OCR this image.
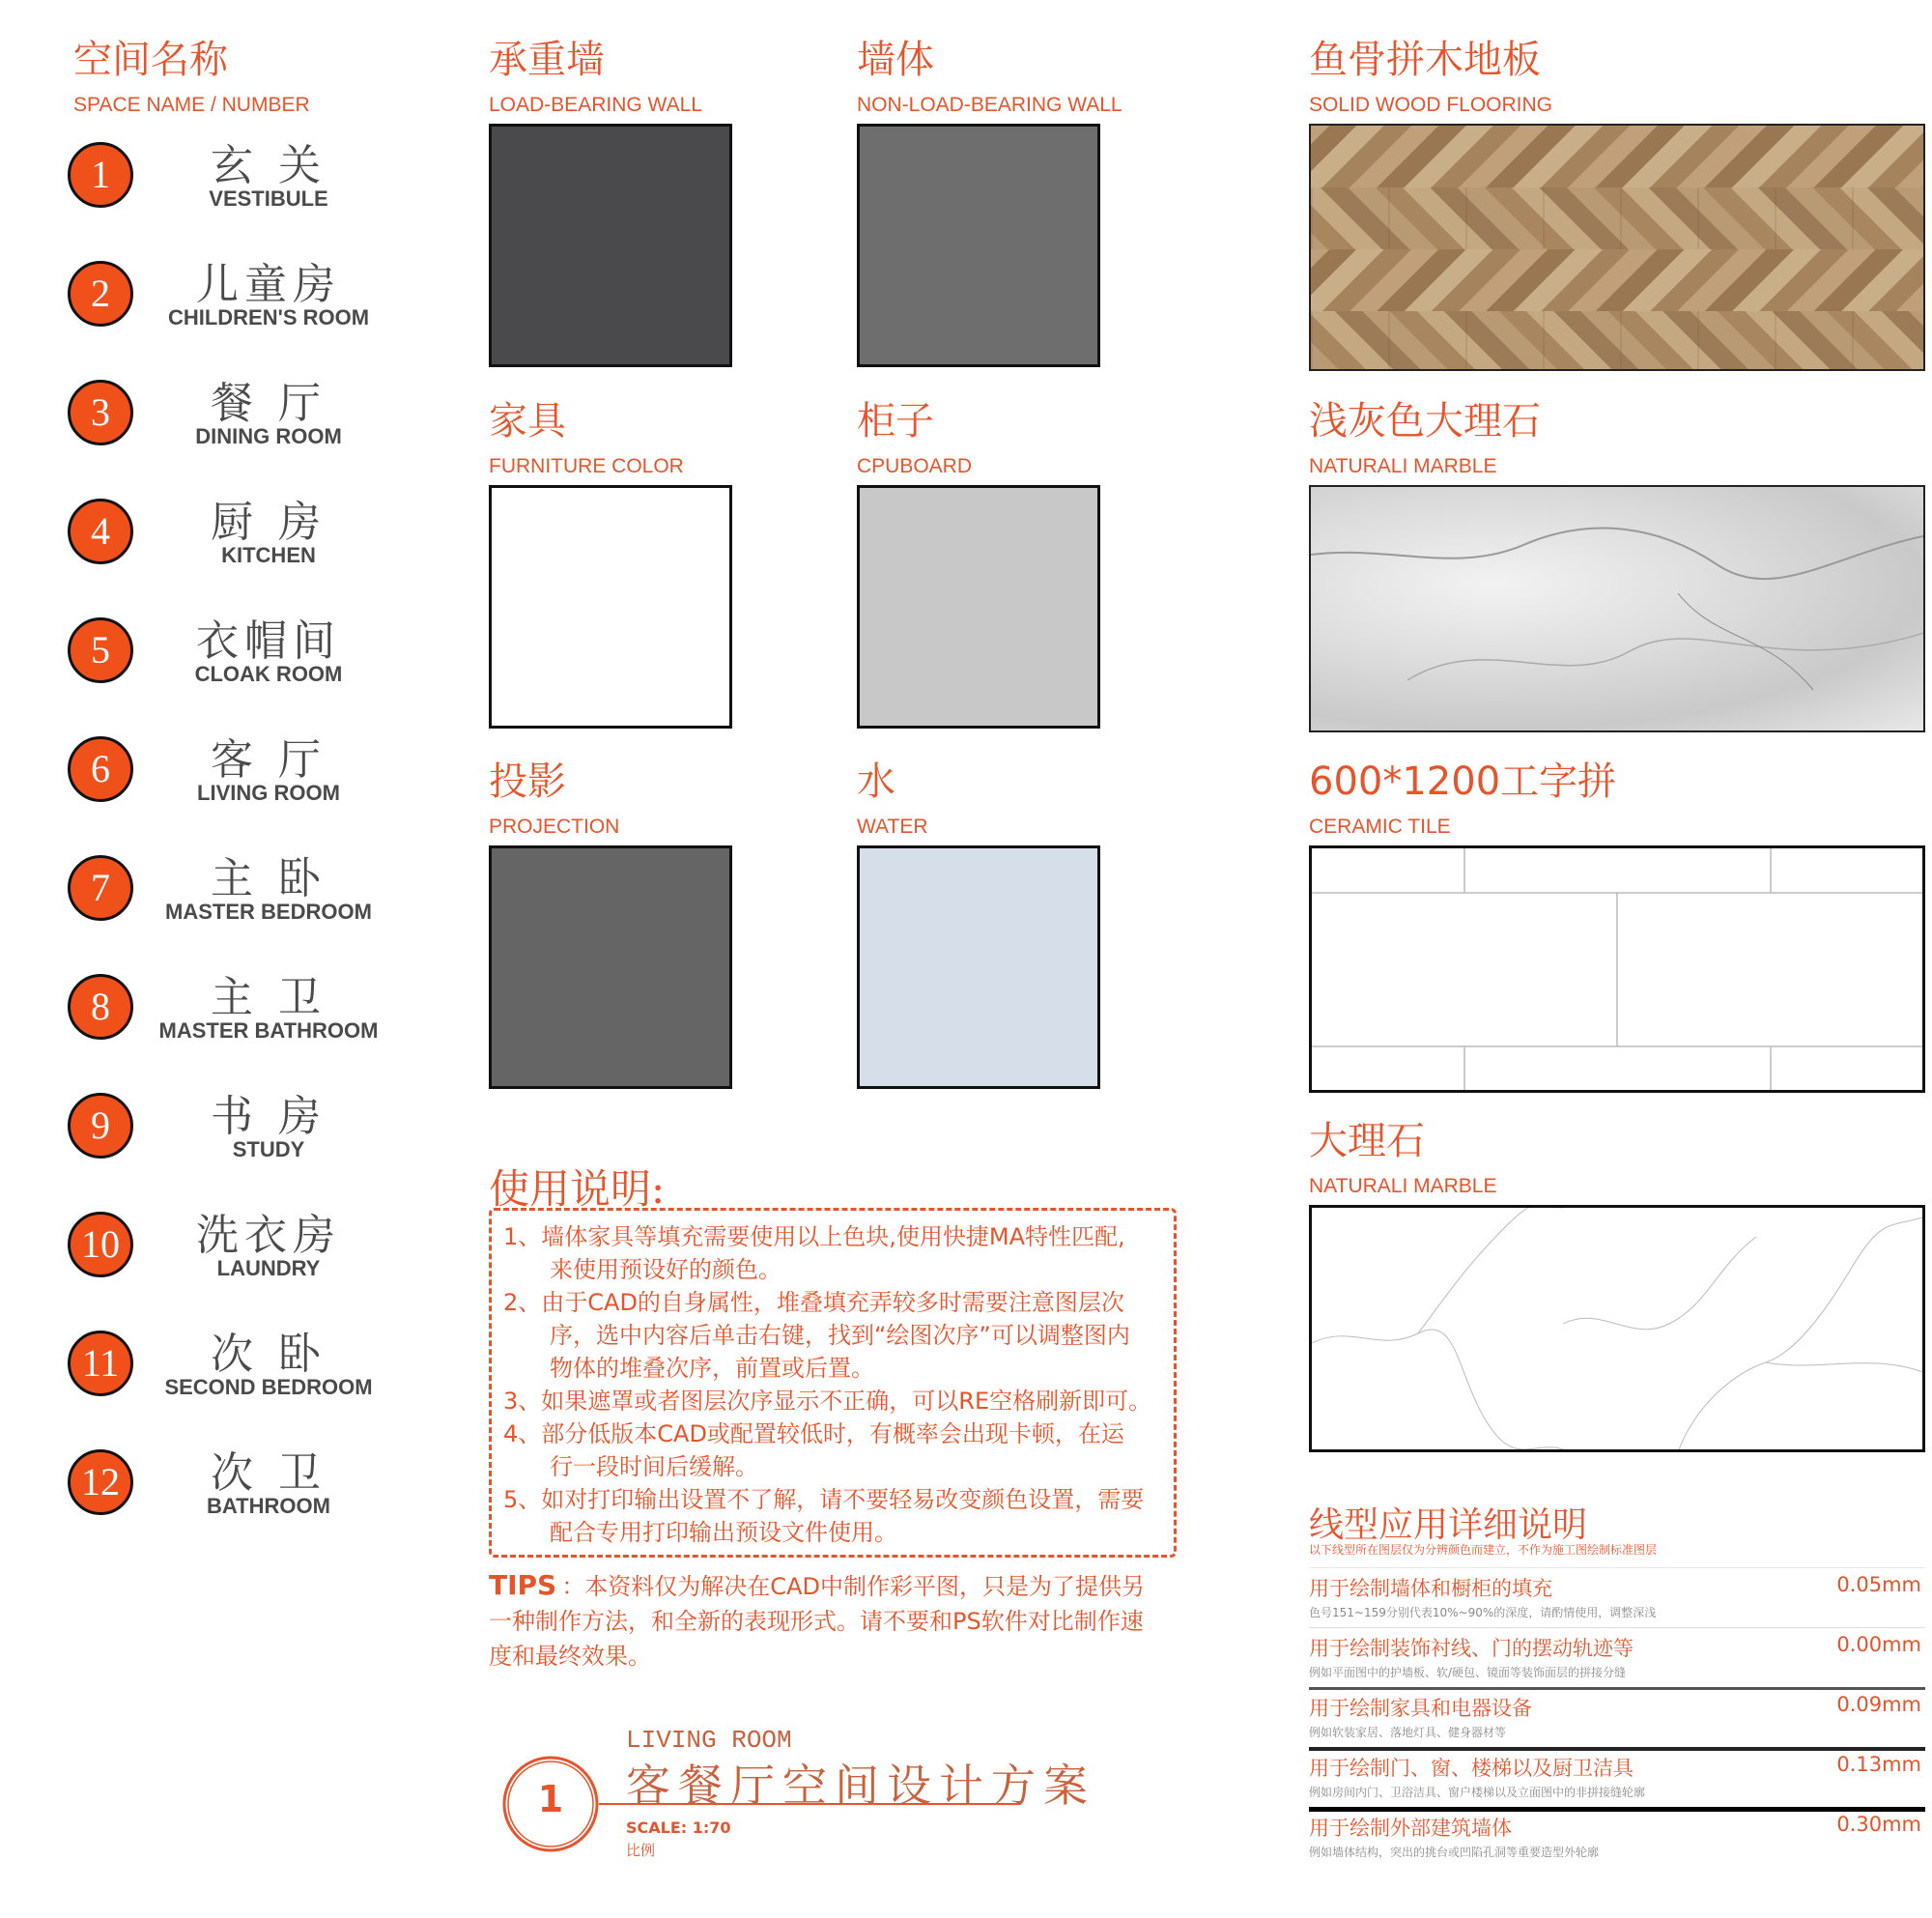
空间名称
SPACE NAME / NUMBER
1	玄 关
VESTIBULE
2	儿童房
CHILDREN'S ROOM
3	餐 厅
DINING ROOM
4	厨 房
KITCHEN
5	衣帽间
CLOAK ROOM
6	客 厅
LIVING ROOM
7	主 卧
MASTER BEDROOM
8	主 卫
MASTER BATHROOM
9	书 房
STUDY
10	洗衣房
LAUNDRY
11	次 卧
SECOND BEDROOM
12	次 卫
BATHROOM
承重墙
LOAD-BEARING WALL
墙体
NON-LOAD-BEARING WALL
家具
FURNITURE COLOR
柜子
CPUBOARD
投影
PROJECTION
水
WATER
鱼骨拼木地板
SOLID WOOD FLOORING
浅灰色大理石
NATURALI MARBLE
600*1200工字拼
CERAMIC TILE
大理石
NATURALI MARBLE
使用说明:
1、墙体家具等填充需要使用以上色块,使用快捷MA特性匹配,
　　来使用预设好的颜色。
2、由于CAD的自身属性，堆叠填充弄较多时需要注意图层次
　　序，选中内容后单击右键，找到“绘图次序”可以调整图内
　　物体的堆叠次序，前置或后置。
3、如果遮罩或者图层次序显示不正确，可以RE空格刷新即可。
4、部分低版本CAD或配置较低时，有概率会出现卡顿，在运
　　行一段时间后缓解。
5、如对打印输出设置不了解，请不要轻易改变颜色设置，需要
　　配合专用打印输出预设文件使用。
TIPS ：本资料仅为解决在CAD中制作彩平图，只是为了提供另
一种制作方法，和全新的表现形式。请不要和PS软件对比制作速
度和最终效果。
1
LIVING ROOM
客餐厅空间设计方案
SCALE: 1:70
比例
线型应用详细说明
以下线型所在图层仅为分辨颜色而建立，不作为施工图绘制标准图层
用于绘制墙体和橱柜的填充
色号151~159分别代表10%~90%的深度，请酌情使用，调整深浅
0.05mm
用于绘制装饰衬线、门的摆动轨迹等
例如平面图中的护墙板、软/硬包、镜面等装饰面层的拼接分缝
0.00mm
用于绘制家具和电器设备
例如软装家居、落地灯具、健身器材等
0.09mm
用于绘制门、窗、楼梯以及厨卫洁具
例如房间内门、卫浴洁具、窗户楼梯以及立面图中的非拼接缝轮廓
0.13mm
用于绘制外部建筑墙体
例如墙体结构，突出的挑台或凹陷孔洞等重要造型外轮廓
0.30mm
